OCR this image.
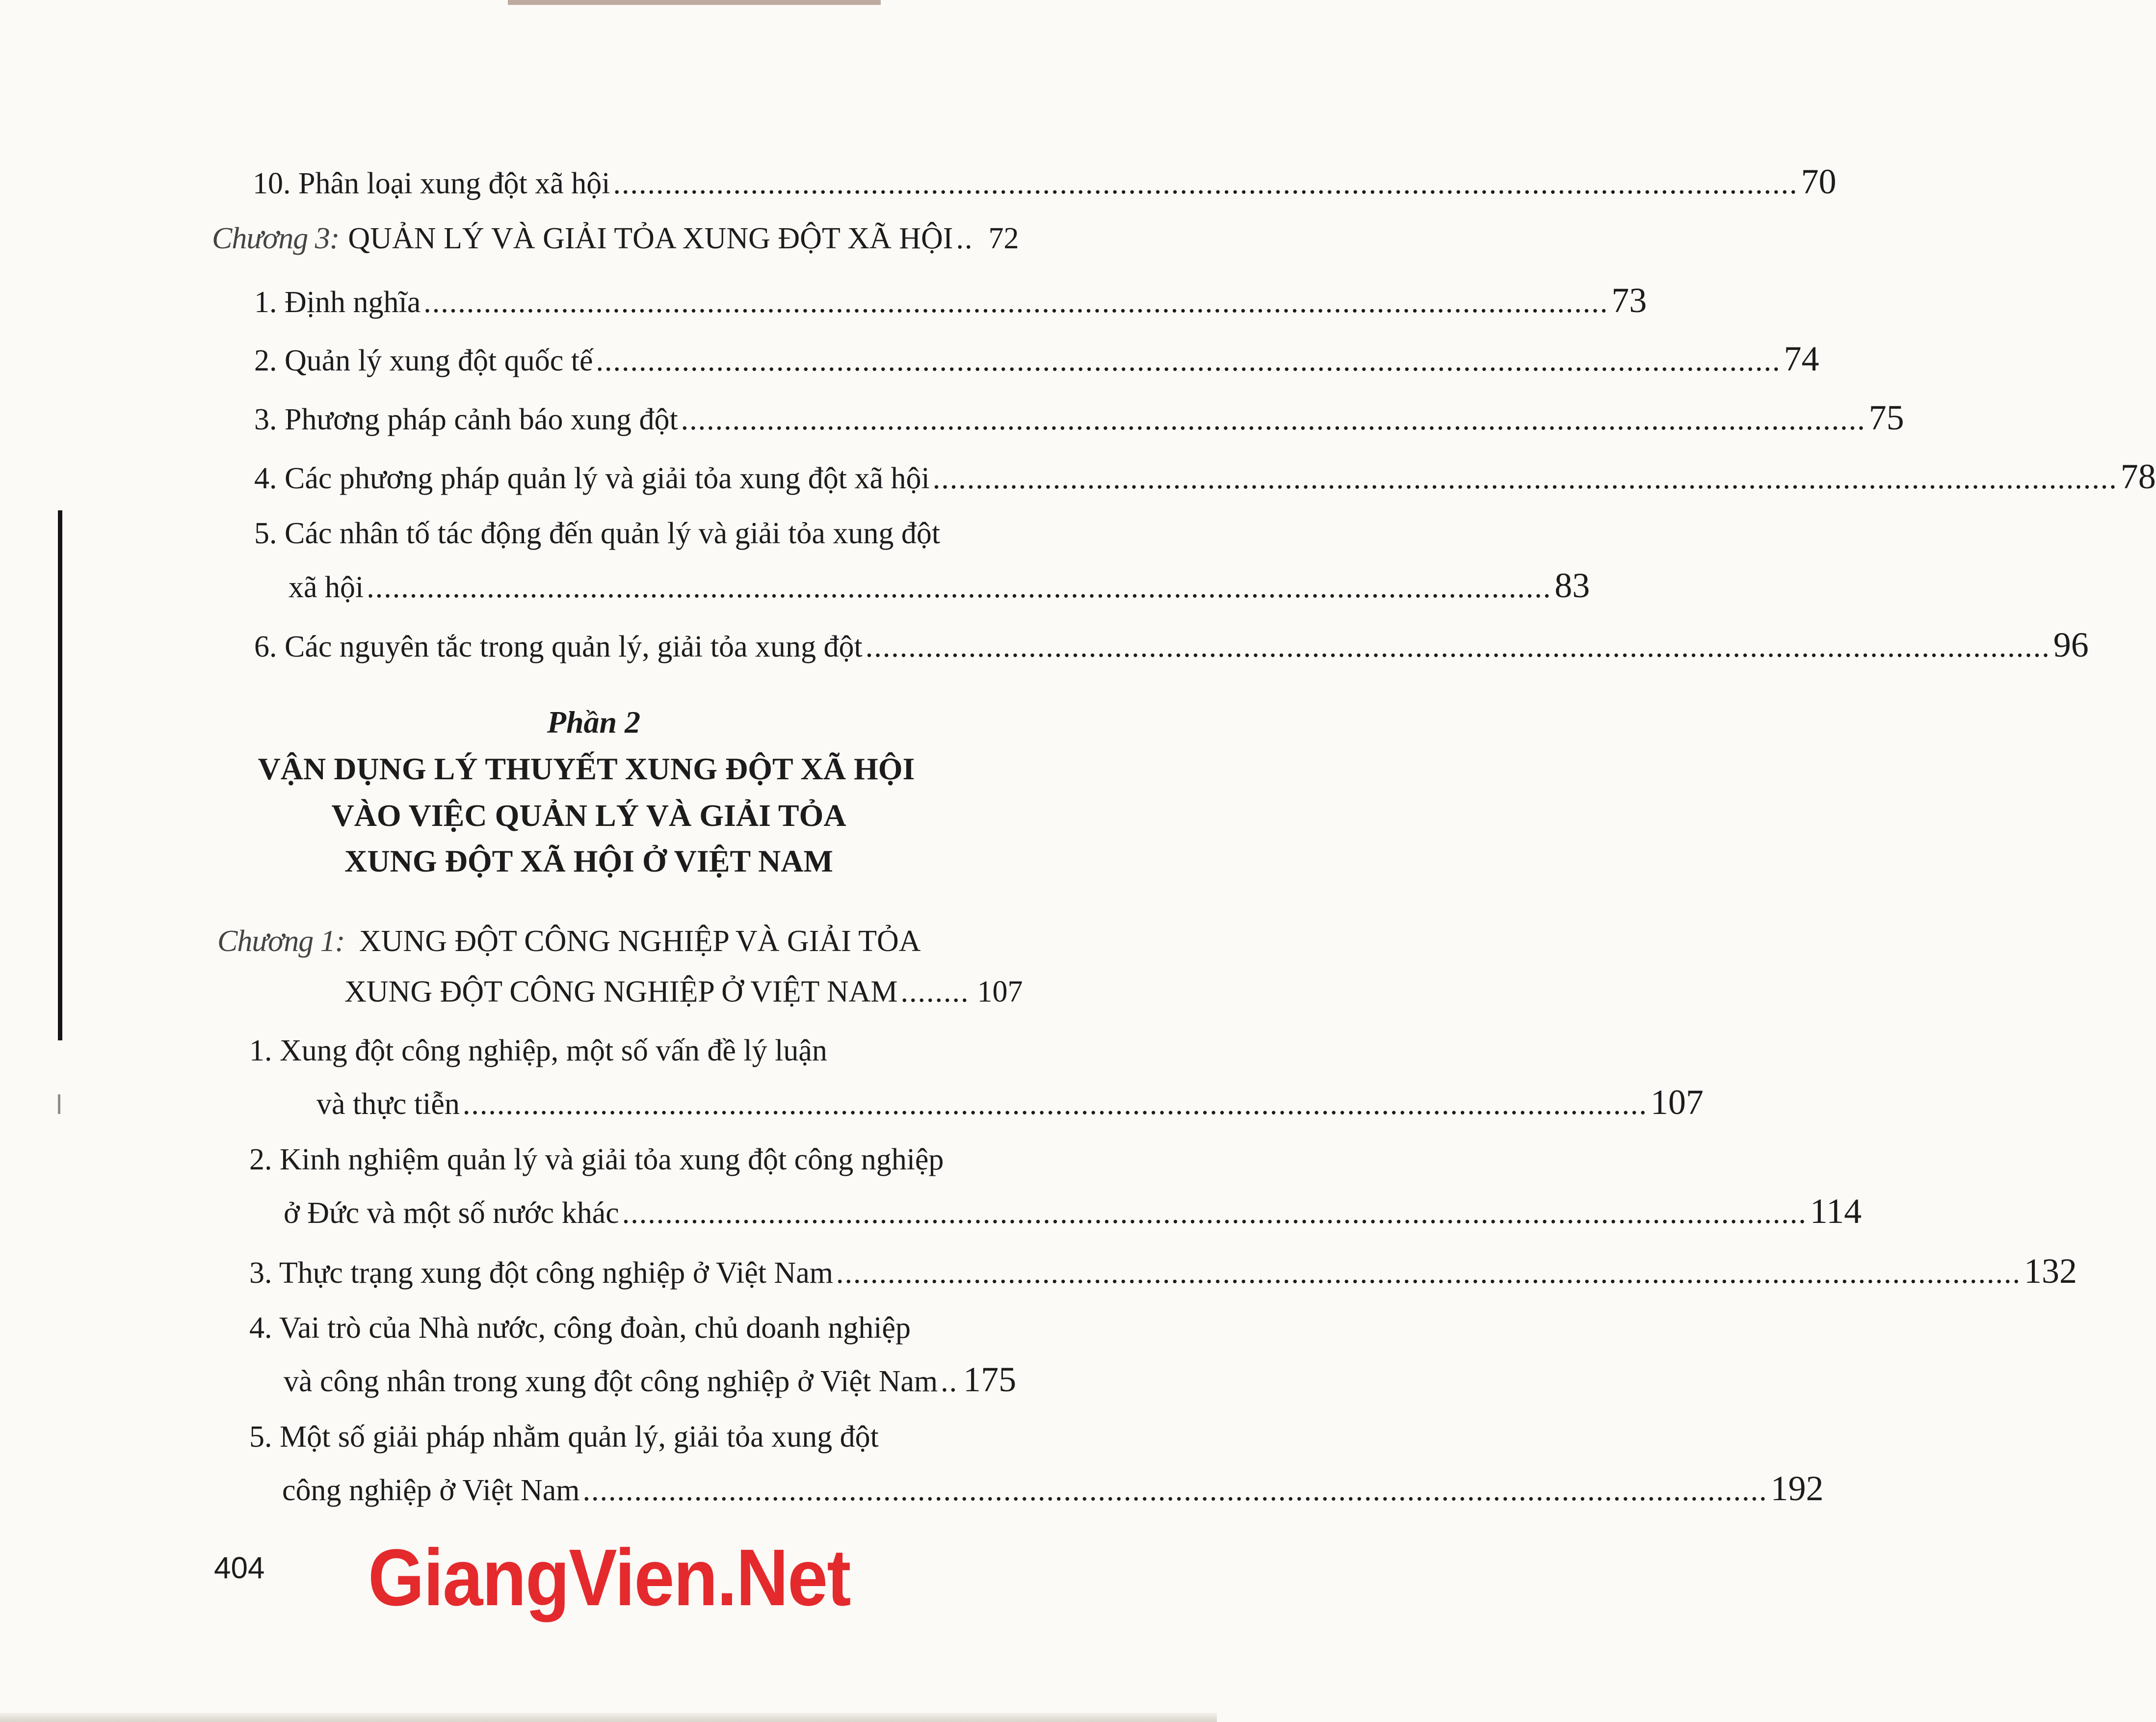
10. Phân loại xung đột xã hội .......................................................................................................................................... 70
Chương 3: QUẢN LÝ VÀ GIẢI TỎA XUNG ĐỘT XÃ HỘI .. 72
1. Định nghĩa .......................................................................................................................................... 73
2. Quản lý xung đột quốc tế .......................................................................................................................................... 74
3. Phương pháp cảnh báo xung đột .......................................................................................................................................... 75
4. Các phương pháp quản lý và giải tỏa xung đột xã hội .......................................................................................................................................... 78
5. Các nhân tố tác động đến quản lý và giải tỏa xung đột
xã hội .......................................................................................................................................... 83
6. Các nguyên tắc trong quản lý, giải tỏa xung đột .......................................................................................................................................... 96
Phần 2
VẬN DỤNG LÝ THUYẾT XUNG ĐỘT XÃ HỘI
VÀO VIỆC QUẢN LÝ VÀ GIẢI TỎA
XUNG ĐỘT XÃ HỘI Ở VIỆT NAM
Chương 1: XUNG ĐỘT CÔNG NGHIỆP VÀ GIẢI TỎA
XUNG ĐỘT CÔNG NGHIỆP Ở VIỆT NAM ........ 107
1. Xung đột công nghiệp, một số vấn đề lý luận
và thực tiễn .......................................................................................................................................... 107
2. Kinh nghiệm quản lý và giải tỏa xung đột công nghiệp
ở Đức và một số nước khác .......................................................................................................................................... 114
3. Thực trạng xung đột công nghiệp ở Việt Nam .......................................................................................................................................... 132
4. Vai trò của Nhà nước, công đoàn, chủ doanh nghiệp
và công nhân trong xung đột công nghiệp ở Việt Nam .. 175
5. Một số giải pháp nhằm quản lý, giải tỏa xung đột
công nghiệp ở Việt Nam .......................................................................................................................................... 192
404 GiangVien.Net
